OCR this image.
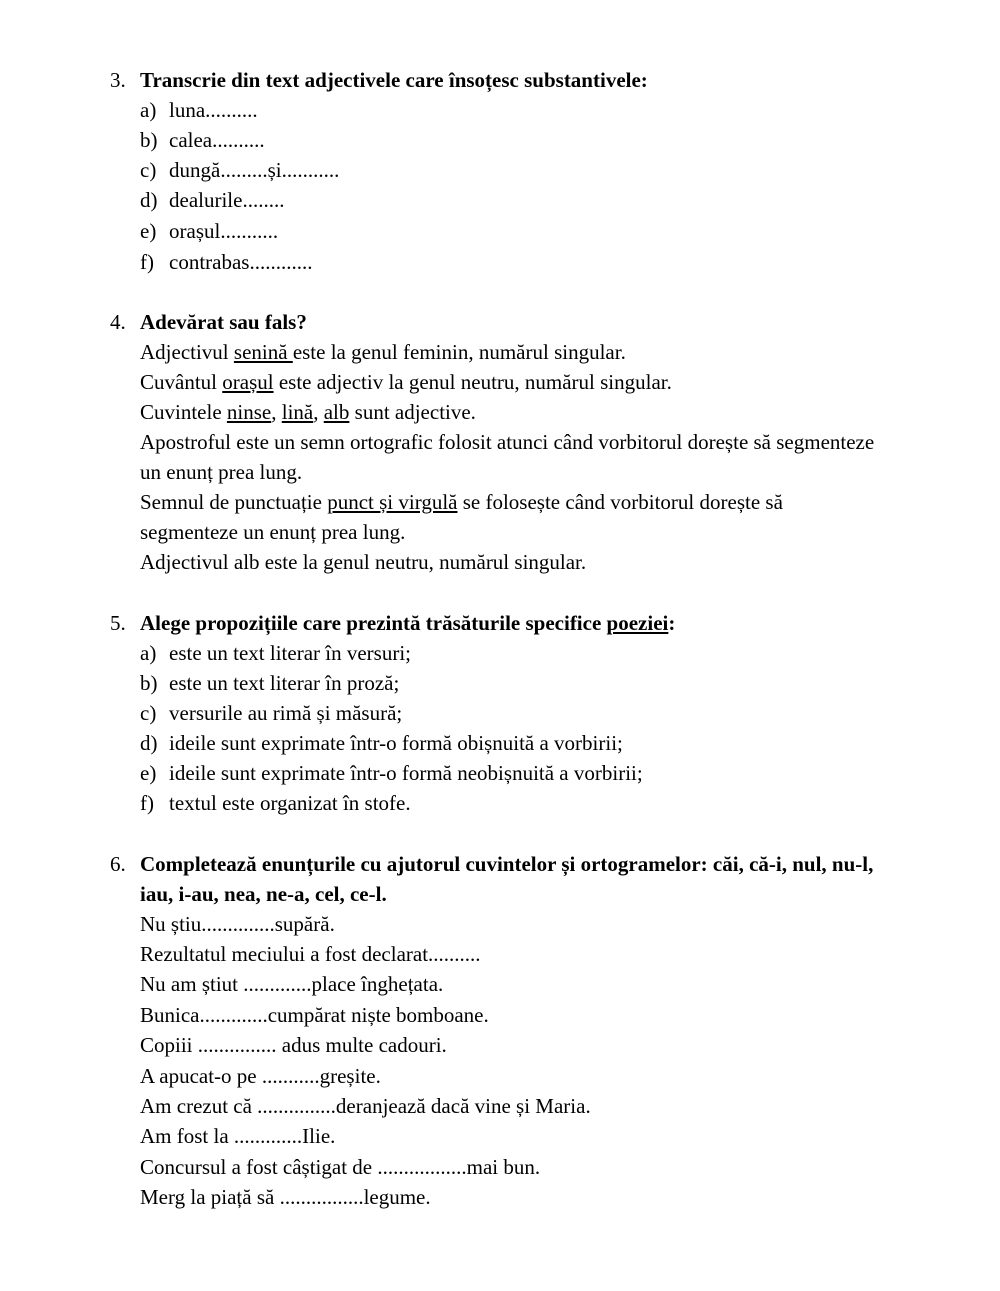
3. Transcrie din text adjectivele care însoțesc substantivele:
a) luna..........
b) calea..........
c) dungă.........și...........
d) dealurile........
e) orașul...........
f) contrabas............
4. Adevărat sau fals?
Adjectivul senină este la genul feminin, numărul singular.
Cuvântul orașul este adjectiv la genul neutru, numărul singular.
Cuvintele ninse, lină, alb sunt adjective.
Apostroful este un semn ortografic folosit atunci când vorbitorul dorește să segmenteze
un enunț prea lung.
Semnul de punctuație punct și virgulă se folosește când vorbitorul dorește să
segmenteze un enunț prea lung.
Adjectivul alb este la genul neutru, numărul singular.
5. Alege propozițiile care prezintă trăsăturile specifice poeziei:
a) este un text literar în versuri;
b) este un text literar în proză;
c) versurile au rimă și măsură;
d) ideile sunt exprimate într-o formă obișnuită a vorbirii;
e) ideile sunt exprimate într-o formă neobișnuită a vorbirii;
f) textul este organizat în stofe.
6. Completează enunțurile cu ajutorul cuvintelor și ortogramelor: căi, că-i, nul, nu-l,
iau, i-au, nea, ne-a, cel, ce-l.
Nu știu..............supără.
Rezultatul meciului a fost declarat..........
Nu am știut .............place înghețata.
Bunica.............cumpărat niște bomboane.
Copiii ............... adus multe cadouri.
A apucat-o pe ...........greșite.
Am crezut că ...............deranjează dacă vine și Maria.
Am fost la .............Ilie.
Concursul a fost câștigat de .................mai bun.
Merg la piață să ................legume.
